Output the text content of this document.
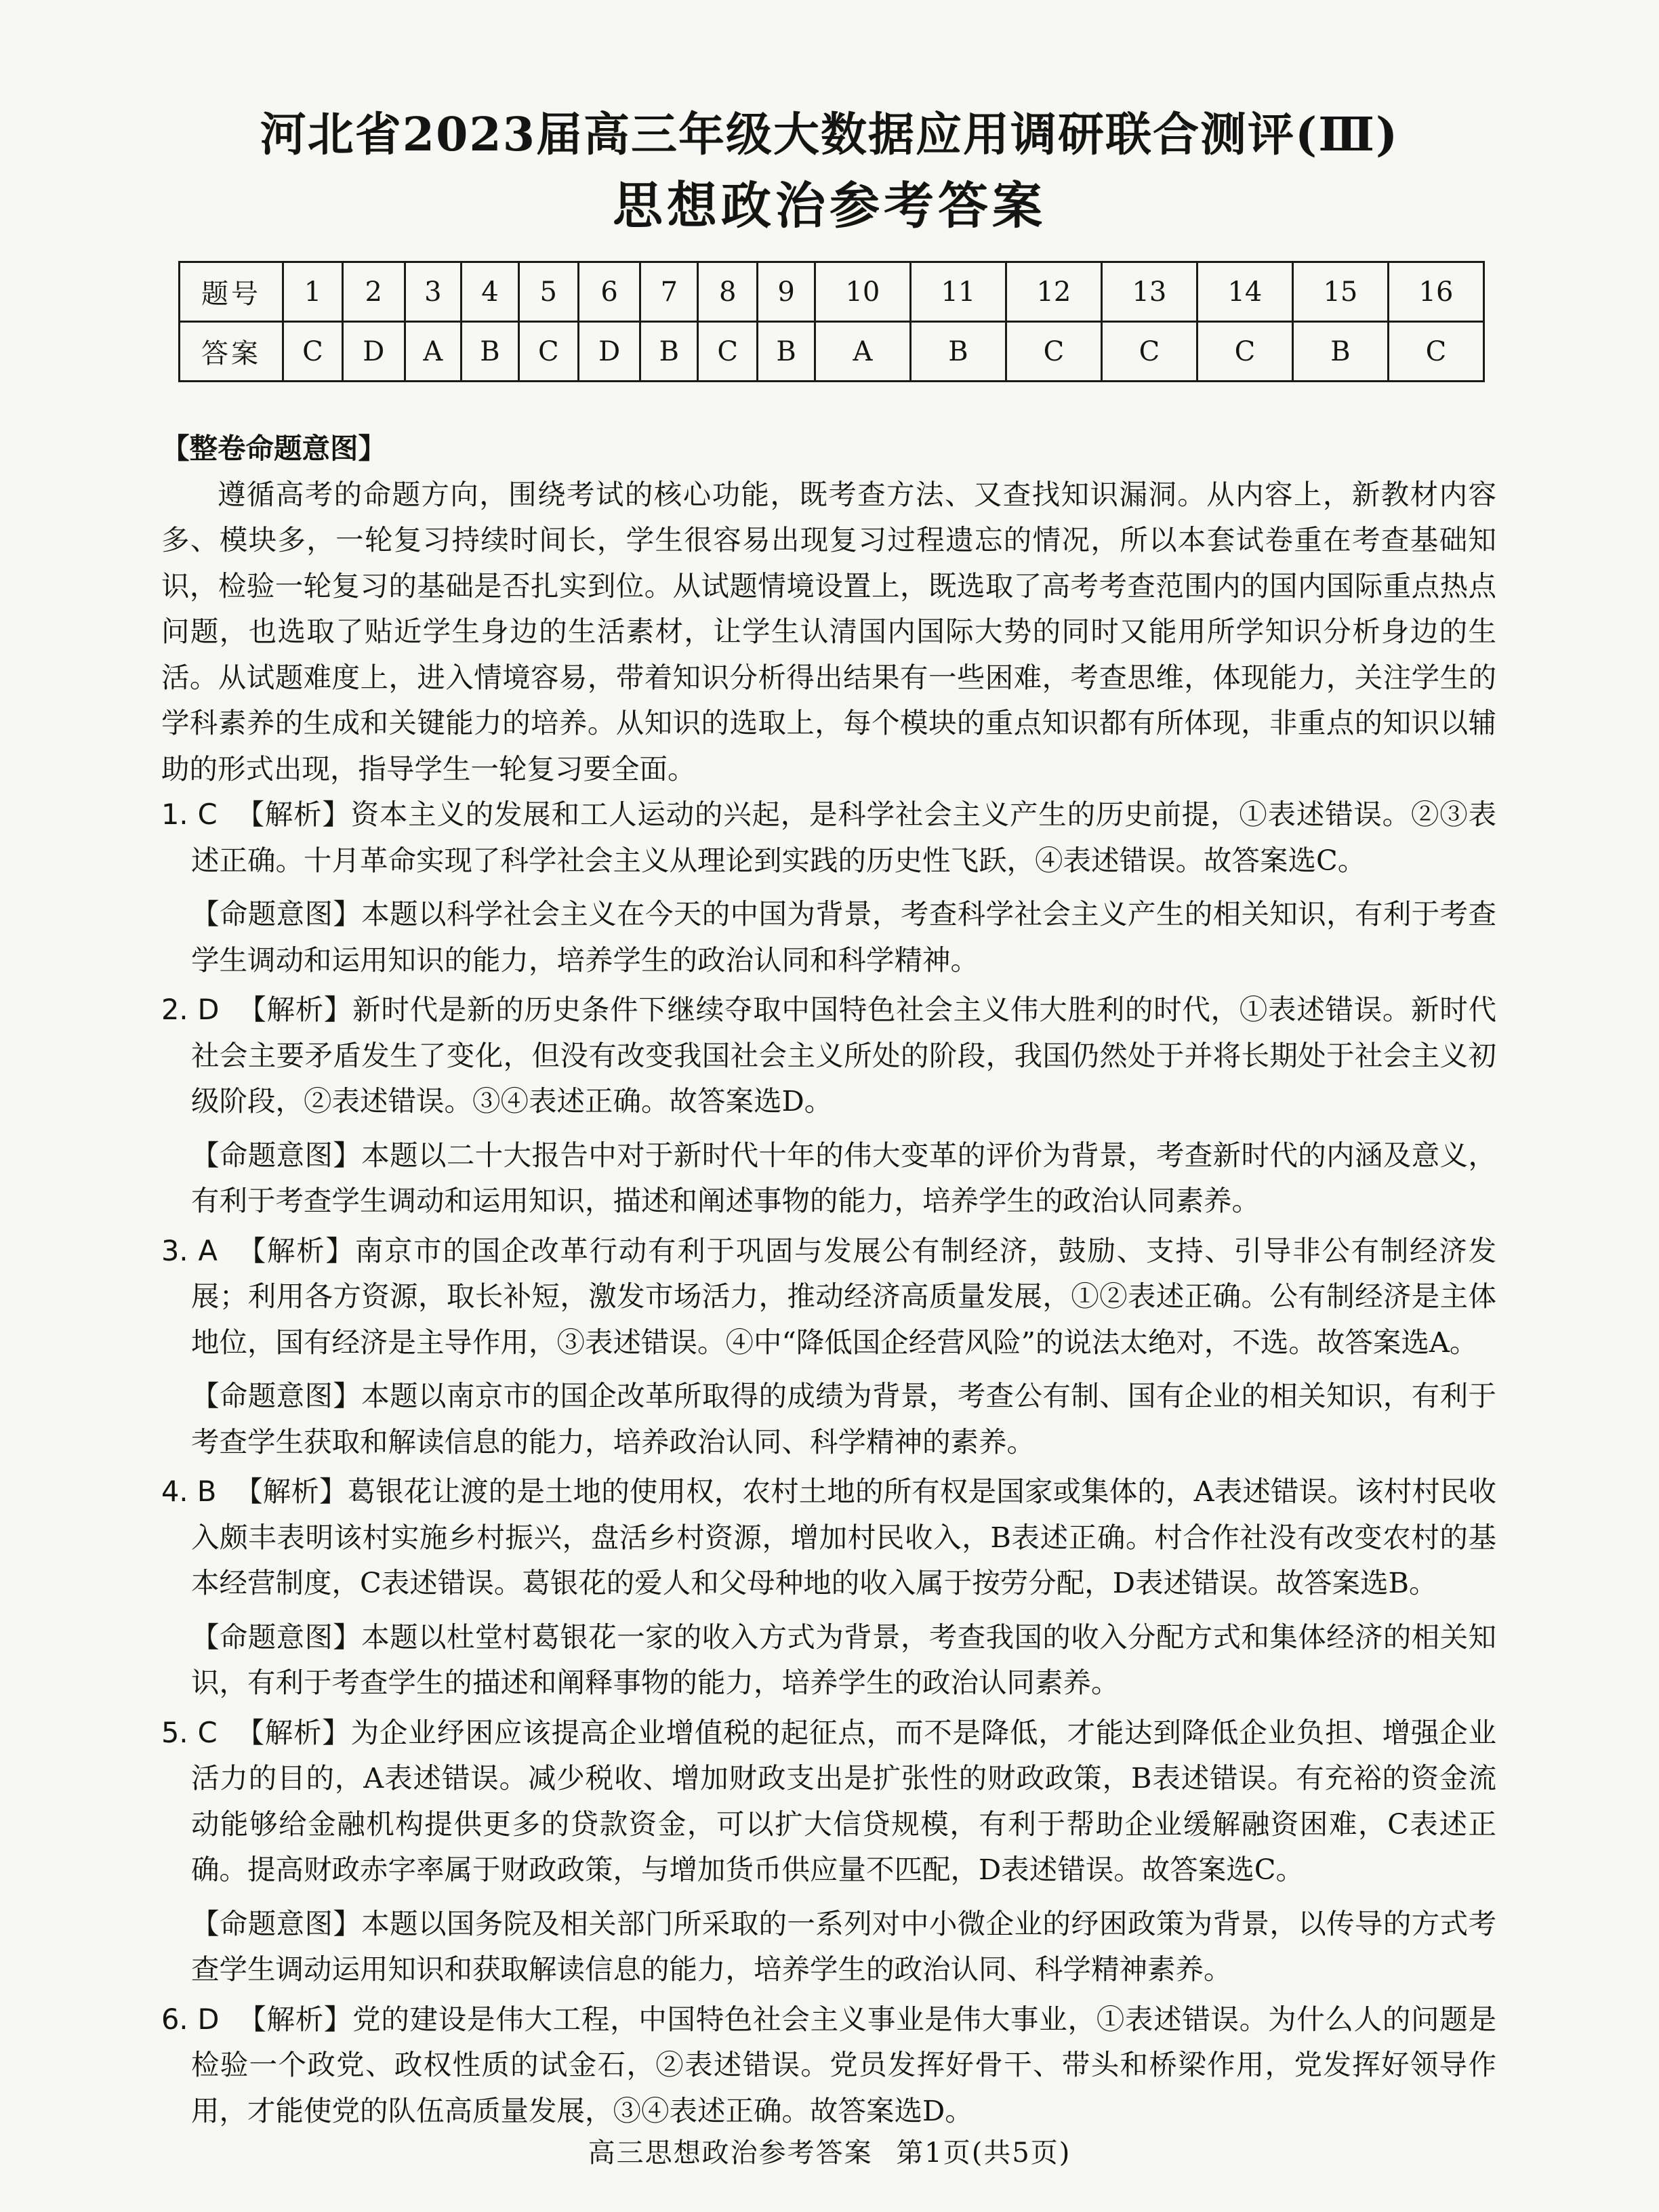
河北省2023届高三年级大数据应用调研联合测评(Ⅲ)
思想政治参考答案
题号	1	2	3	4	5	6	7	8	9	10	11	12	13	14	15	16
答案	C	D	A	B	C	D	B	C	B	A	B	C	C	C	B	C

【整卷命题意图】

遵循高考的命题方向，围绕考试的核心功能，既考查方法、又查找知识漏洞。从内容上，新教材内容多、模块多，一轮复习持续时间长，学生很容易出现复习过程遗忘的情况，所以本套试卷重在考查基础知识，检验一轮复习的基础是否扎实到位。从试题情境设置上，既选取了高考考查范围内的国内国际重点热点问题，也选取了贴近学生身边的生活素材，让学生认清国内国际大势的同时又能用所学知识分析身边的生活。从试题难度上，进入情境容易，带着知识分析得出结果有一些困难，考查思维，体现能力，关注学生的学科素养的生成和关键能力的培养。从知识的选取上，每个模块的重点知识都有所体现，非重点的知识以辅助的形式出现，指导学生一轮复习要全面。

1. C 【解析】资本主义的发展和工人运动的兴起，是科学社会主义产生的历史前提，①表述错误。②③表述正确。十月革命实现了科学社会主义从理论到实践的历史性飞跃，④表述错误。故答案选C。

【命题意图】本题以科学社会主义在今天的中国为背景，考查科学社会主义产生的相关知识，有利于考查学生调动和运用知识的能力，培养学生的政治认同和科学精神。

2. D 【解析】新时代是新的历史条件下继续夺取中国特色社会主义伟大胜利的时代，①表述错误。新时代社会主要矛盾发生了变化，但没有改变我国社会主义所处的阶段，我国仍然处于并将长期处于社会主义初级阶段，②表述错误。③④表述正确。故答案选D。

【命题意图】本题以二十大报告中对于新时代十年的伟大变革的评价为背景，考查新时代的内涵及意义，有利于考查学生调动和运用知识，描述和阐述事物的能力，培养学生的政治认同素养。

3. A 【解析】南京市的国企改革行动有利于巩固与发展公有制经济，鼓励、支持、引导非公有制经济发展；利用各方资源，取长补短，激发市场活力，推动经济高质量发展，①②表述正确。公有制经济是主体地位，国有经济是主导作用，③表述错误。④中“降低国企经营风险”的说法太绝对，不选。故答案选A。

【命题意图】本题以南京市的国企改革所取得的成绩为背景，考查公有制、国有企业的相关知识，有利于考查学生获取和解读信息的能力，培养政治认同、科学精神的素养。

4. B 【解析】葛银花让渡的是土地的使用权，农村土地的所有权是国家或集体的，A表述错误。该村村民收入颇丰表明该村实施乡村振兴，盘活乡村资源，增加村民收入，B表述正确。村合作社没有改变农村的基本经营制度，C表述错误。葛银花的爱人和父母种地的收入属于按劳分配，D表述错误。故答案选B。

【命题意图】本题以杜堂村葛银花一家的收入方式为背景，考查我国的收入分配方式和集体经济的相关知识，有利于考查学生的描述和阐释事物的能力，培养学生的政治认同素养。

5. C 【解析】为企业纾困应该提高企业增值税的起征点，而不是降低，才能达到降低企业负担、增强企业活力的目的，A表述错误。减少税收、增加财政支出是扩张性的财政政策，B表述错误。有充裕的资金流动能够给金融机构提供更多的贷款资金，可以扩大信贷规模，有利于帮助企业缓解融资困难，C表述正确。提高财政赤字率属于财政政策，与增加货币供应量不匹配，D表述错误。故答案选C。

【命题意图】本题以国务院及相关部门所采取的一系列对中小微企业的纾困政策为背景，以传导的方式考查学生调动运用知识和获取解读信息的能力，培养学生的政治认同、科学精神素养。

6. D 【解析】党的建设是伟大工程，中国特色社会主义事业是伟大事业，①表述错误。为什么人的问题是检验一个政党、政权性质的试金石，②表述错误。党员发挥好骨干、带头和桥梁作用，党发挥好领导作用，才能使党的队伍高质量发展，③④表述正确。故答案选D。

高三思想政治参考答案 第1页(共5页)
